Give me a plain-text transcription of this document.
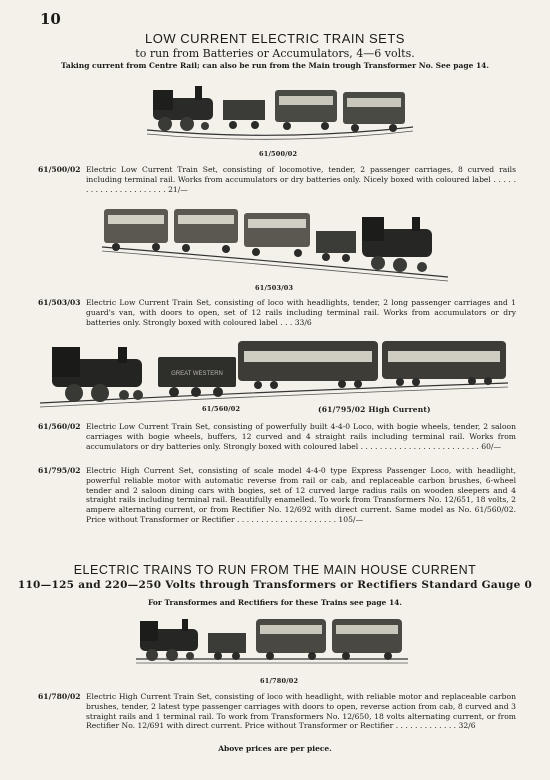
10
LOW CURRENT ELECTRIC TRAIN SETS
to run from Batteries or Accumulators, 4—6 volts.
Taking current from Centre Rail; can also be run from the Main trough Transformer No. See page 14.
61/500/02
61/500/02 Electric Low Current Train Set, consisting of locomotive, tender, 2 passenger carriages, 8 curved rails including terminal rail. Works from accumulators or dry batteries only. Nicely boxed with coloured label . . . . . . . . . . . . . . . . . . . . . . 21/—
61/503/03
61/503/03 Electric Low Current Train Set, consisting of loco with headlights, tender, 2 long passenger carriages and 1 guard's van, with doors to open, set of 12 rails including terminal rail. Works from accumulators or dry batteries only. Strongly boxed with coloured label . . . 33/6
GREAT WESTERN
61/560/02	(61/795/02 High Current)
61/560/02 Electric Low Current Train Set, consisting of powerfully built 4-4-0 Loco, with bogie wheels, tender, 2 saloon carriages with bogie wheels, buffers, 12 curved and 4 straight rails including terminal rail. Works from accumulators or dry batteries only. Strongly boxed with coloured label . . . . . . . . . . . . . . . . . . . . . . . . . 60/—
61/795/02 Electric High Current Set, consisting of scale model 4-4-0 type Express Passenger Loco, with headlight, powerful reliable motor with automatic reverse from rail or cab, and replaceable carbon brushes, 6-wheel tender and 2 saloon dining cars with bogies, set of 12 curved large radius rails on wooden sleepers and 4 straight rails including terminal rail. Beautifully enamelled. To work from Transformers No. 12/651, 18 volts, 2 ampere alternating current, or from Rectifier No. 12/692 with direct current. Same model as No. 61/560/02. Price without Transformer or Rectifier . . . . . . . . . . . . . . . . . . . . . 105/—
ELECTRIC TRAINS TO RUN FROM THE MAIN HOUSE CURRENT
110—125 and 220—250 Volts through Transformers or Rectifiers Standard Gauge 0
For Transformes and Rectifiers for these Trains see page 14.
61/780/02
61/780/02 Electric High Current Train Set, consisting of loco with headlight, with reliable motor and replaceable carbon brushes, tender, 2 latest type passenger carriages with doors to open, reverse action from cab, 8 curved and 3 straight rails and 1 terminal rail. To work from Transformers No. 12/650, 18 volts alternating current, or from Rectifier No. 12/691 with direct current. Price without Transformer or Rectifier . . . . . . . . . . . . . 32/6
Above prices are per piece.
